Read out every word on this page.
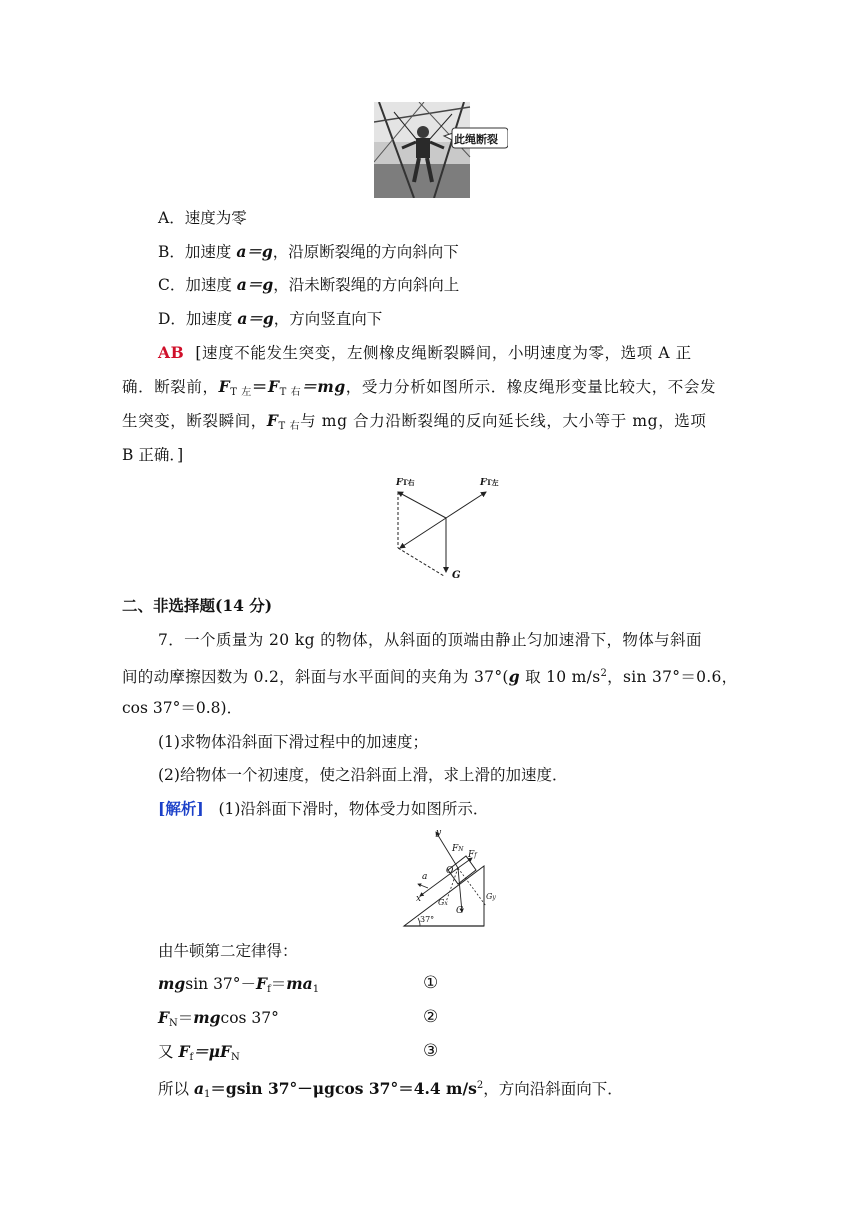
此绳断裂
A．速度为零
B．加速度 a＝g，沿原断裂绳的方向斜向下
C．加速度 a＝g，沿未断裂绳的方向斜向上
D．加速度 a＝g，方向竖直向下
AB [速度不能发生突变，左侧橡皮绳断裂瞬间，小明速度为零，选项 A 正
确．断裂前，$F_{T 左}=F_{T 右}=mg$，受力分析如图所示．橡皮绳形变量比较大，不会发
生突变，断裂瞬间，$F_{T 右}$与 mg 合力沿断裂绳的反向延长线，大小等于 mg，选项
B 正确．]
FT右	FT左
G
二、非选择题(14 分)
7．一个质量为 20 kg 的物体，从斜面的顶端由静止匀加速滑下，物体与斜面
间的动摩擦因数为 0.2，斜面与水平面间的夹角为 37°(g 取 10 $m/s^2$，sin 37°＝0.6，
cos 37°＝0.8)．
(1)求物体沿斜面下滑过程中的加速度；
(2)给物体一个初速度，使之沿斜面上滑，求上滑的加速度．
[解析] (1)沿斜面下滑时，物体受力如图所示．
y
FN
Ff
a
O
x Gx
G
Gy
37°
由牛顿第二定律得：
mgsin $37^\circ-F_f=ma_1$	①
$F_N=mgcos$ 37°	②
又 $F_f=\mu F_N$	③
所以 $a_1=gsin$ 37°－μgcos 37°＝4.4 $m/s^2$，方向沿斜面向下．
